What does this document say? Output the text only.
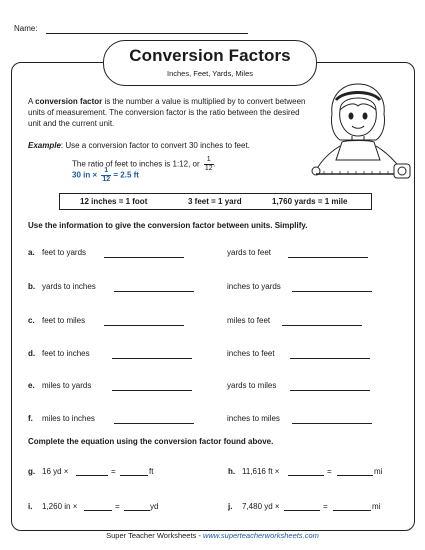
Name:
Conversion Factors
Inches, Feet, Yards, Miles
A conversion factor is the number a value is multiplied by to convert between units of measurement. The conversion factor is the ratio between the desired unit and the current unit.
Example: Use a conversion factor to convert 30 inches to feet.
The ratio of feet to inches is 1:12, or $\frac{1}{12}$ .
30 in × $\frac{1}{12} = 2.5$ ft
12 inches = 1 foot	3 feet = 1 yard	1,760 yards = 1 mile
Use the information to give the conversion factor between units. Simplify.
a. feet to yards	yards to feet
b. yards to inches	inches to yards
c. feet to miles	miles to feet
d. feet to inches	inches to feet
e. miles to yards	yards to miles
f. miles to inches	inches to miles
Complete the equation using the conversion factor found above.
g. 16 yd ×	=	ft	h. 11,616 ft ×	=	mi
i. 1,260 in ×	=	yd	j. 7,480 yd ×	=	mi
Super Teacher Worksheets - www.superteacherworksheets.com
